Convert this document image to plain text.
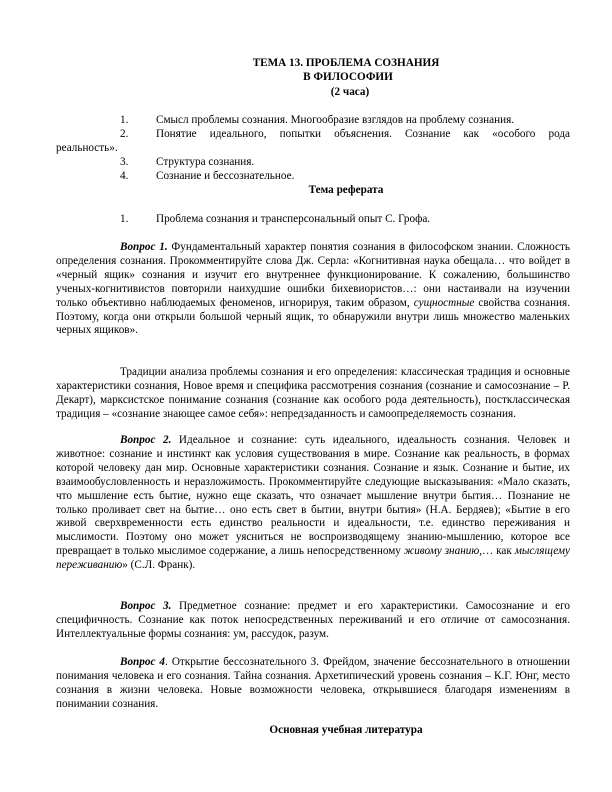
ТЕМА 13. ПРОБЛЕМА СОЗНАНИЯ
В ФИЛОСОФИИ
(2 часа)
1. Смысл проблемы сознания. Многообразие взглядов на проблему сознания.
2. Понятие идеального, попытки объяснения. Сознание как «особого рода
реальность».
3. Структура сознания.
4. Сознание и бессознательное.
Тема реферата
1. Проблема сознания и трансперсональный опыт С. Грофа.
Вопрос 1. Фундаментальный характер понятия сознания в философском знании. Сложность определения сознания. Прокомментируйте слова Дж. Серла: «Когнитивная наука обещала… что войдет в «черный ящик» сознания и изучит его внутреннее функционирование. К сожалению, большинство ученых-когнитивистов повторили наихудшие ошибки бихевиористов…: они настаивали на изучении только объективно наблюдаемых феноменов, игнорируя, таким образом, сущностные свойства сознания. Поэтому, когда они открыли большой черный ящик, то обнаружили внутри лишь множество маленьких черных ящиков».
Традиции анализа проблемы сознания и его определения: классическая традиция и основные характеристики сознания, Новое время и специфика рассмотрения сознания (сознание и самосознание – Р. Декарт), марксистское понимание сознания (сознание как особого рода деятельность), постклассическая традиция – «сознание знающее самое себя»: непредзаданность и самоопределяемость сознания.
Вопрос 2. Идеальное и сознание: суть идеального, идеальность сознания. Человек и животное: сознание и инстинкт как условия существования в мире. Сознание как реальность, в формах которой человеку дан мир. Основные характеристики сознания. Сознание и язык. Сознание и бытие, их взаимообусловленность и неразложимость. Прокомментируйте следующие высказывания: «Мало сказать, что мышление есть бытие, нужно еще сказать, что означает мышление внутри бытия… Познание не только проливает свет на бытие… оно есть свет в бытии, внутри бытия» (Н.А. Бердяев); «Бытие в его живой сверхвременности есть единство реальности и идеальности, т.е. единство переживания и мыслимости. Поэтому оно может уясниться не воспроизводящему знанию-мышлению, которое все превращает в только мыслимое содержание, а лишь непосредственному живому знанию,… как мыслящему переживанию» (С.Л. Франк).
Вопрос 3. Предметное сознание: предмет и его характеристики. Самосознание и его специфичность. Сознание как поток непосредственных переживаний и его отличие от самосознания. Интеллектуальные формы сознания: ум, рассудок, разум.
Вопрос 4. Открытие бессознательного З. Фрейдом, значение бессознательного в отношении понимания человека и его сознания. Тайна сознания. Архетипический уровень сознания – К.Г. Юнг, место сознания в жизни человека. Новые возможности человека, открывшиеся благодаря изменениям в понимании сознания.
Основная учебная литература
